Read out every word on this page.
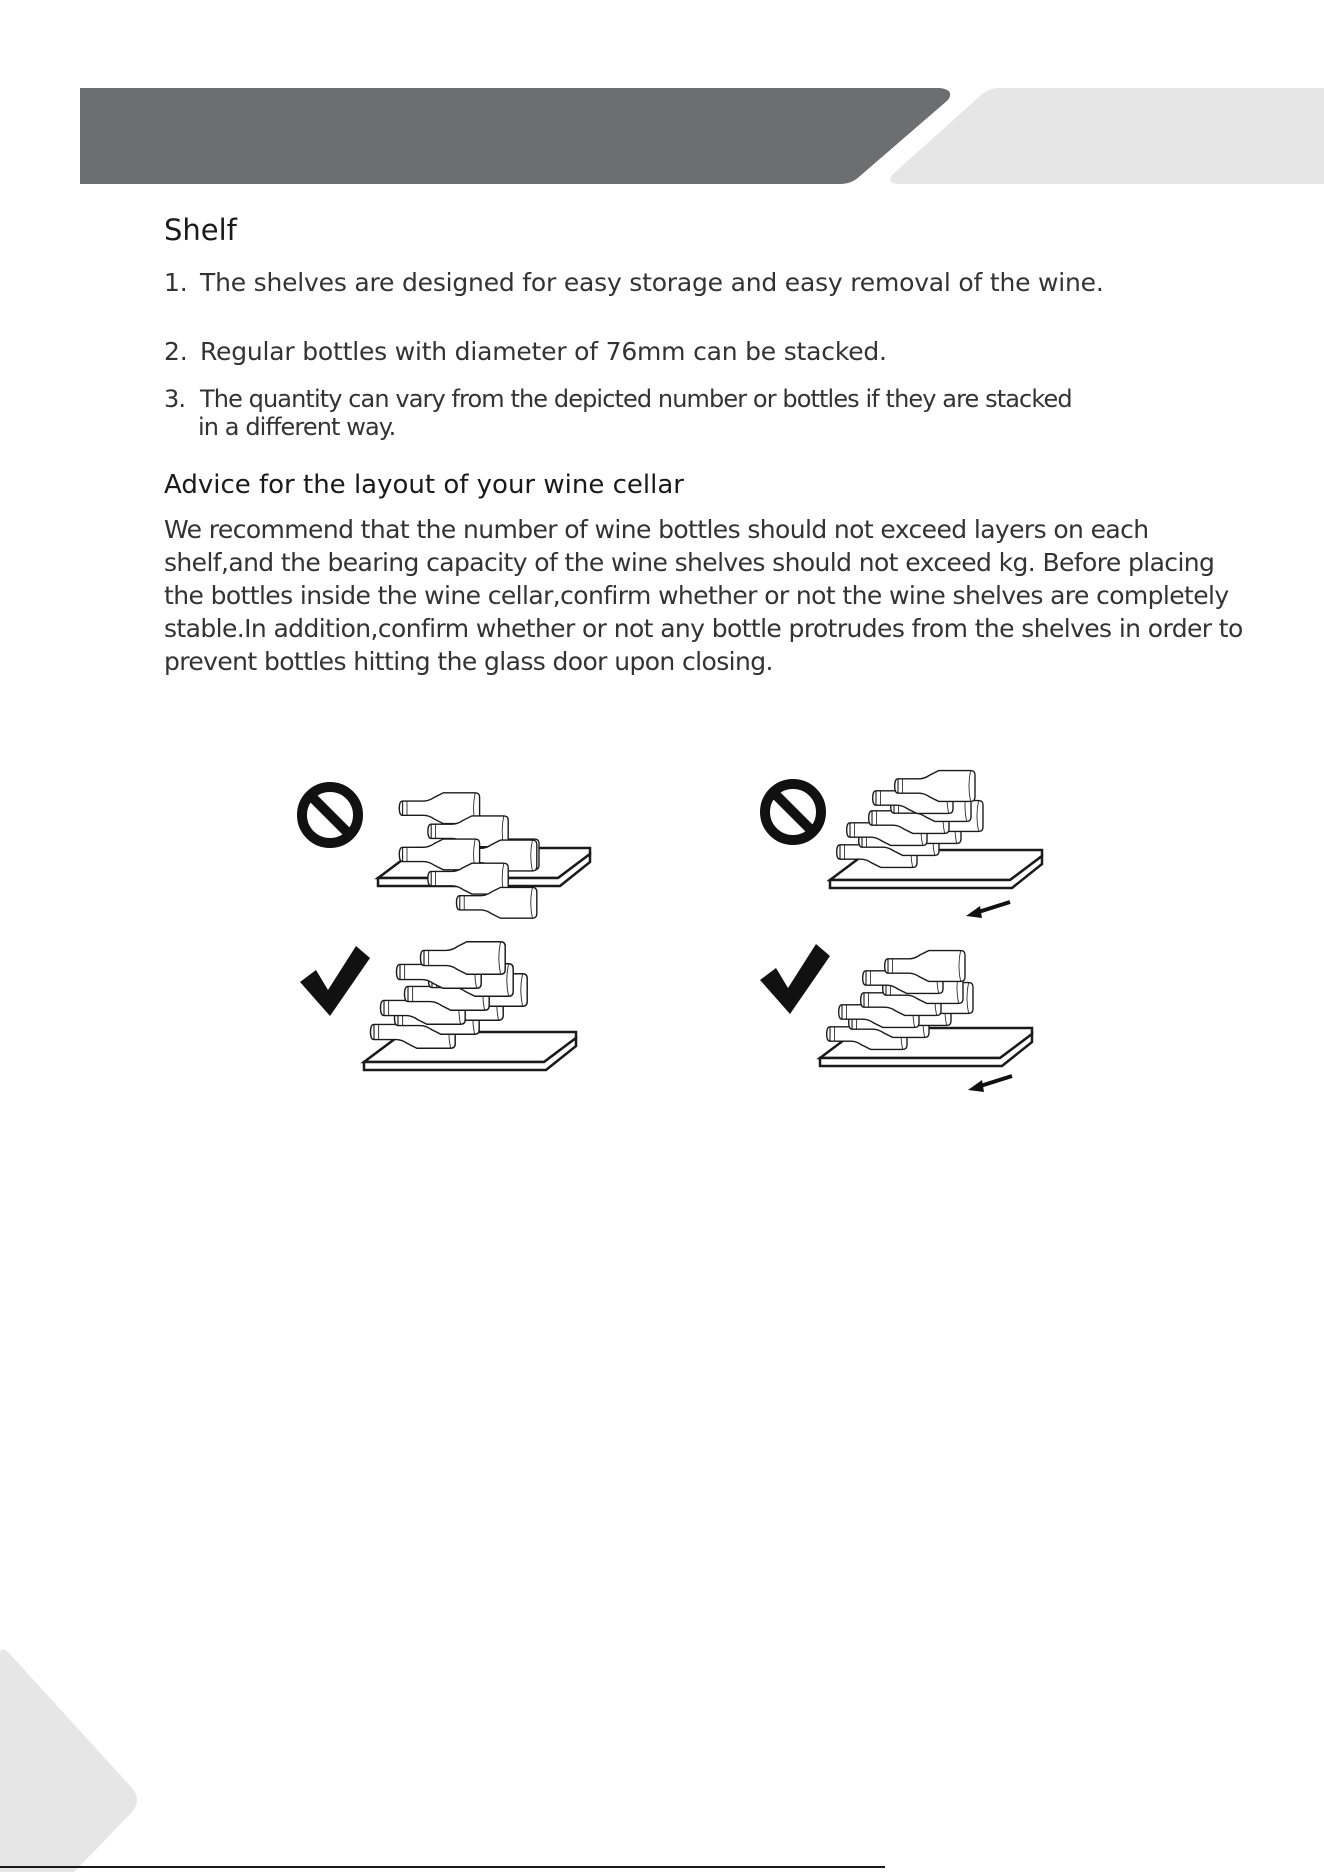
Shelf
1. The shelves are designed for easy storage and easy removal of the wine.
2. Regular bottles with diameter of 76mm can be stacked.
3. The quantity can vary from the depicted number or bottles if they are stacked
in a different way.
Advice for the layout of your wine cellar
We recommend that the number of wine bottles should not exceed layers on each
shelf,and the bearing capacity of the wine shelves should not exceed kg. Before placing
the bottles inside the wine cellar,confirm whether or not the wine shelves are completely
stable.In addition,confirm whether or not any bottle protrudes from the shelves in order to
prevent bottles hitting the glass door upon closing.
